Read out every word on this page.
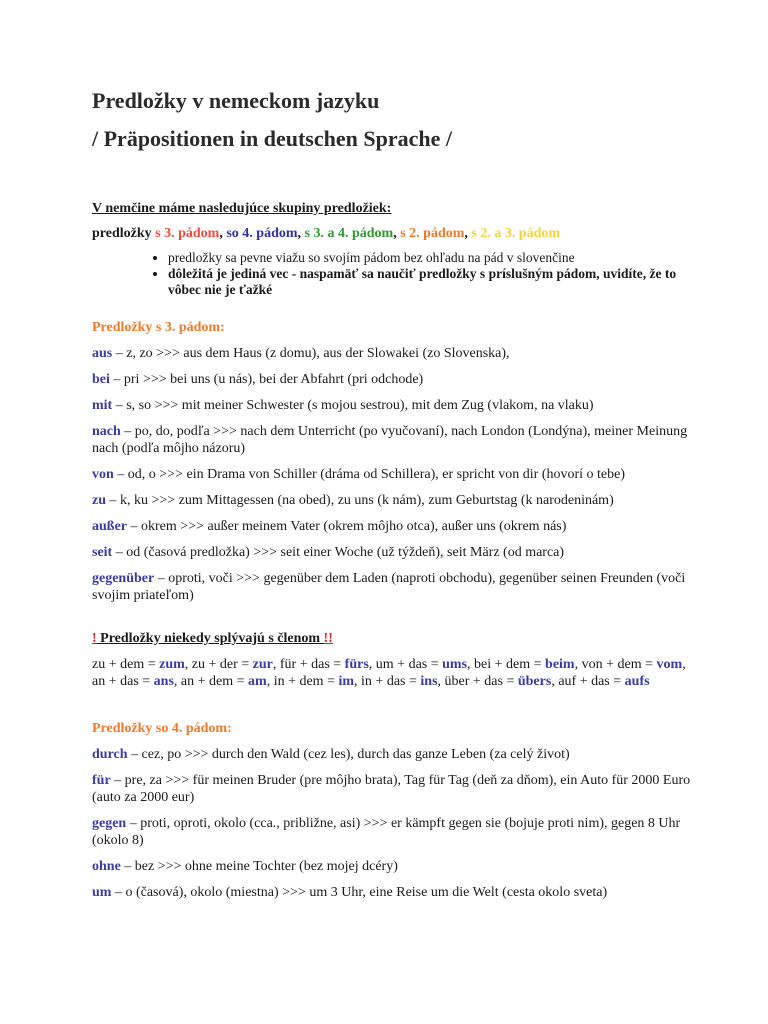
Predložky v nemeckom jazyku
/ Präpositionen in deutschen Sprache /

V nemčine máme nasledujúce skupiny predložiek:

predložky s 3. pádom, so 4. pádom, s 3. a 4. pádom, s 2. pádom, s 2. a 3. pádom

• predložky sa pevne viažu so svojím pádom bez ohľadu na pád v slovenčine
• dôležitá je jediná vec - naspamäť sa naučiť predložky s príslušným pádom, uvidíte, že to vôbec nie je ťažké

Predložky s 3. pádom:

aus – z, zo >>> aus dem Haus (z domu), aus der Slowakei (zo Slovenska),

bei – pri >>> bei uns (u nás), bei der Abfahrt (pri odchode)

mit – s, so >>> mit meiner Schwester (s mojou sestrou), mit dem Zug (vlakom, na vlaku)

nach – po, do, podľa >>> nach dem Unterricht (po vyučovaní), nach London (Londýna), meiner Meinung nach (podľa môjho názoru)

von – od, o >>> ein Drama von Schiller (dráma od Schillera), er spricht von dir (hovorí o tebe)

zu – k, ku >>> zum Mittagessen (na obed), zu uns (k nám), zum Geburtstag (k narodeninám)

außer – okrem >>> außer meinem Vater (okrem môjho otca), außer uns (okrem nás)

seit – od (časová predložka) >>> seit einer Woche (už týždeň), seit März (od marca)

gegenüber – oproti, voči >>> gegenüber dem Laden (naproti obchodu), gegenüber seinen Freunden (voči svojim priateľom)

! Predložky niekedy splývajú s členom !!

zu + dem = zum, zu + der = zur, für + das = fürs, um + das = ums, bei + dem = beim, von + dem = vom, an + das = ans, an + dem = am, in + dem = im, in + das = ins, über + das = übers, auf + das = aufs

Predložky so 4. pádom:

durch – cez, po >>> durch den Wald (cez les), durch das ganze Leben (za celý život)

für – pre, za >>> für meinen Bruder (pre môjho brata), Tag für Tag (deň za dňom), ein Auto für 2000 Euro (auto za 2000 eur)

gegen – proti, oproti, okolo (cca., približne, asi) >>> er kämpft gegen sie (bojuje proti nim), gegen 8 Uhr (okolo 8)

ohne – bez >>> ohne meine Tochter (bez mojej dcéry)

um – o (časová), okolo (miestna) >>> um 3 Uhr, eine Reise um die Welt (cesta okolo sveta)
